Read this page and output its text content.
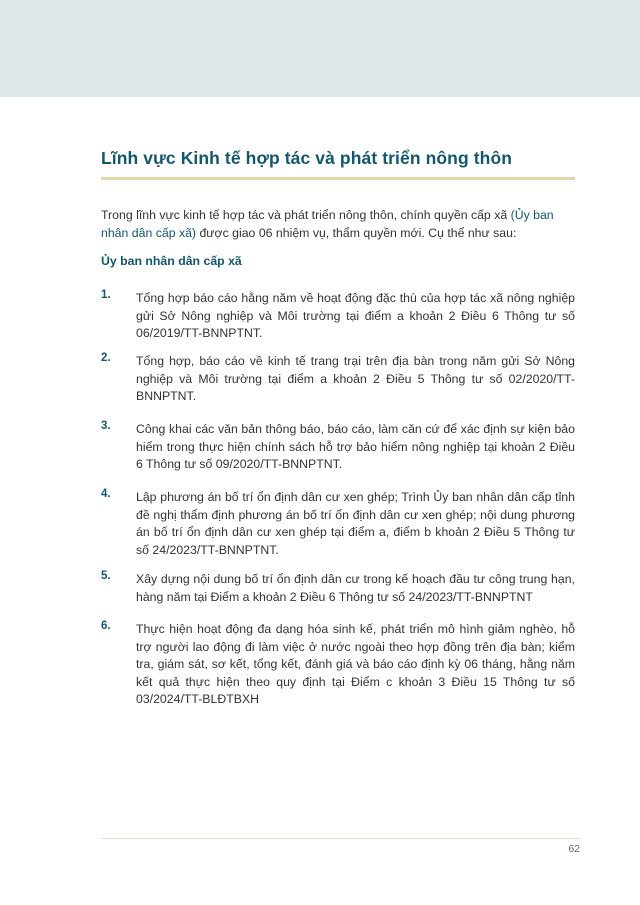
Lĩnh vực Kinh tế hợp tác và phát triển nông thôn

Trong lĩnh vực kinh tế hợp tác và phát triển nông thôn, chính quyền cấp xã (Ủy ban nhân dân cấp xã) được giao 06 nhiệm vụ, thẩm quyền mới. Cụ thể như sau:

Ủy ban nhân dân cấp xã
1. Tổng hợp báo cáo hằng năm về hoạt động đặc thù của hợp tác xã nông nghiệp gửi Sở Nông nghiệp và Môi trường tại điểm a khoản 2 Điều 6 Thông tư số 06/2019/TT-BNNPTNT.

2. Tổng hợp, báo cáo về kinh tế trang trại trên địa bàn trong năm gửi Sở Nông nghiệp và Môi trường tại điểm a khoản 2 Điều 5 Thông tư số 02/2020/TT-BNNPTNT.

3. Công khai các văn bản thông báo, báo cáo, làm căn cứ để xác định sự kiện bảo hiểm trong thực hiện chính sách hỗ trợ bảo hiểm nông nghiệp tại khoản 2 Điều 6 Thông tư số 09/2020/TT-BNNPTNT.

4. Lập phương án bố trí ổn định dân cư xen ghép; Trình Ủy ban nhân dân cấp tỉnh đề nghị thẩm định phương án bố trí ổn định dân cư xen ghép; nội dung phương án bố trí ổn định dân cư xen ghép tại điểm a, điểm b khoản 2 Điều 5 Thông tư số 24/2023/TT-BNNPTNT.

5. Xây dựng nội dung bố trí ổn định dân cư trong kế hoạch đầu tư công trung hạn, hàng năm tại Điểm a khoản 2 Điều 6 Thông tư số 24/2023/TT-BNNPTNT

6. Thực hiện hoạt động đa dạng hóa sinh kế, phát triển mô hình giảm nghèo, hỗ trợ người lao động đi làm việc ở nước ngoài theo hợp đồng trên địa bàn; kiểm tra, giám sát, sơ kết, tổng kết, đánh giá và báo cáo định kỳ 06 tháng, hằng năm kết quả thực hiện theo quy định tại Điểm c khoản 3 Điều 15 Thông tư số 03/2024/TT-BLĐTBXH

62
